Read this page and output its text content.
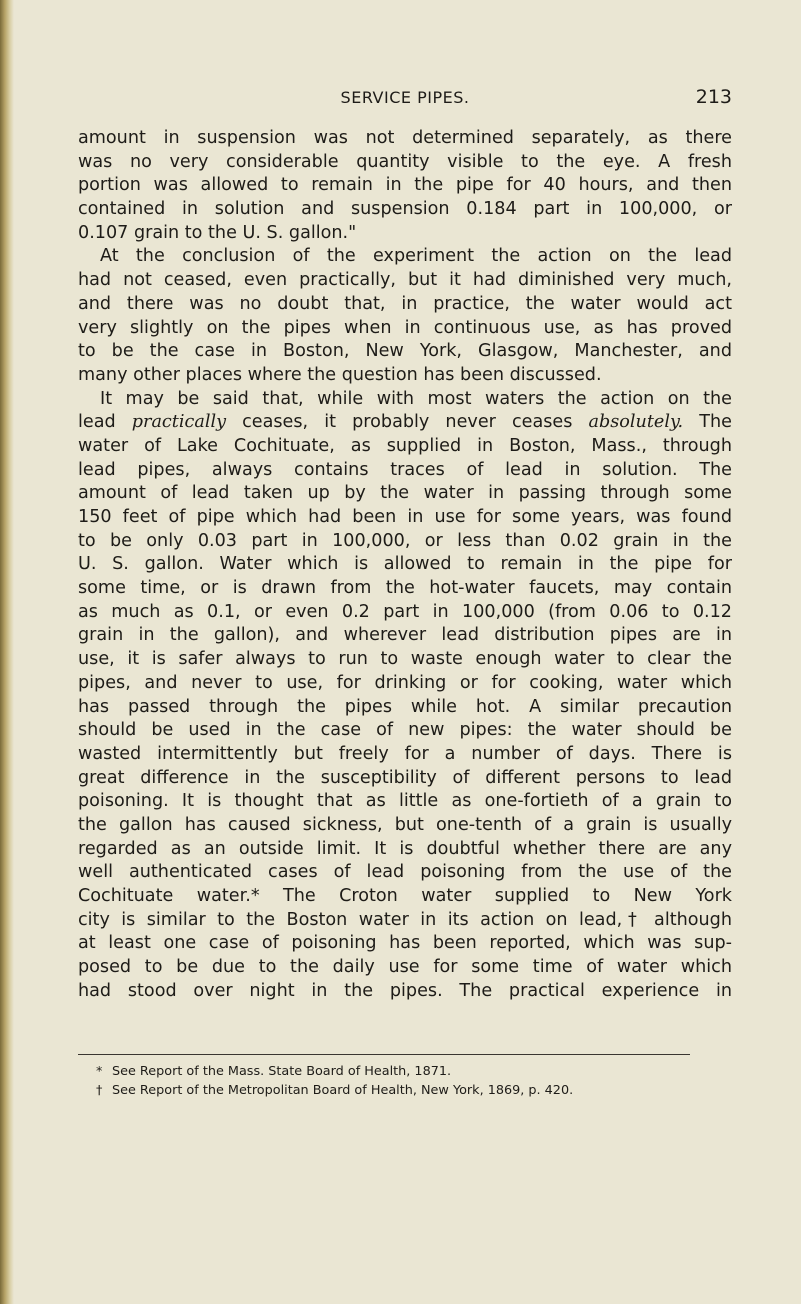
SERVICE PIPES.	213
amount in suspension was not determined separately, as there
was no very considerable quantity visible to the eye. A fresh
portion was allowed to remain in the pipe for 40 hours, and then
contained in solution and suspension 0.184 part in 100,000, or
0.107 grain to the U. S. gallon."
At the conclusion of the experiment the action on the lead
had not ceased, even practically, but it had diminished very much,
and there was no doubt that, in practice, the water would act
very slightly on the pipes when in continuous use, as has proved
to be the case in Boston, New York, Glasgow, Manchester, and
many other places where the question has been discussed.
It may be said that, while with most waters the action on the
lead practically ceases, it probably never ceases absolutely. The
water of Lake Cochituate, as supplied in Boston, Mass., through
lead pipes, always contains traces of lead in solution. The
amount of lead taken up by the water in passing through some
150 feet of pipe which had been in use for some years, was found
to be only 0.03 part in 100,000, or less than 0.02 grain in the
U. S. gallon. Water which is allowed to remain in the pipe for
some time, or is drawn from the hot-water faucets, may contain
as much as 0.1, or even 0.2 part in 100,000 (from 0.06 to 0.12
grain in the gallon), and wherever lead distribution pipes are in
use, it is safer always to run to waste enough water to clear the
pipes, and never to use, for drinking or for cooking, water which
has passed through the pipes while hot. A similar precaution
should be used in the case of new pipes: the water should be
wasted intermittently but freely for a number of days. There is
great difference in the susceptibility of different persons to lead
poisoning. It is thought that as little as one-fortieth of a grain to
the gallon has caused sickness, but one-tenth of a grain is usually
regarded as an outside limit. It is doubtful whether there are any
well authenticated cases of lead poisoning from the use of the
Cochituate water.* The Croton water supplied to New York
city is similar to the Boston water in its action on lead,† although
at least one case of poisoning has been reported, which was sup-
posed to be due to the daily use for some time of water which
had stood over night in the pipes. The practical experience in
* See Report of the Mass. State Board of Health, 1871.
† See Report of the Metropolitan Board of Health, New York, 1869, p. 420.
